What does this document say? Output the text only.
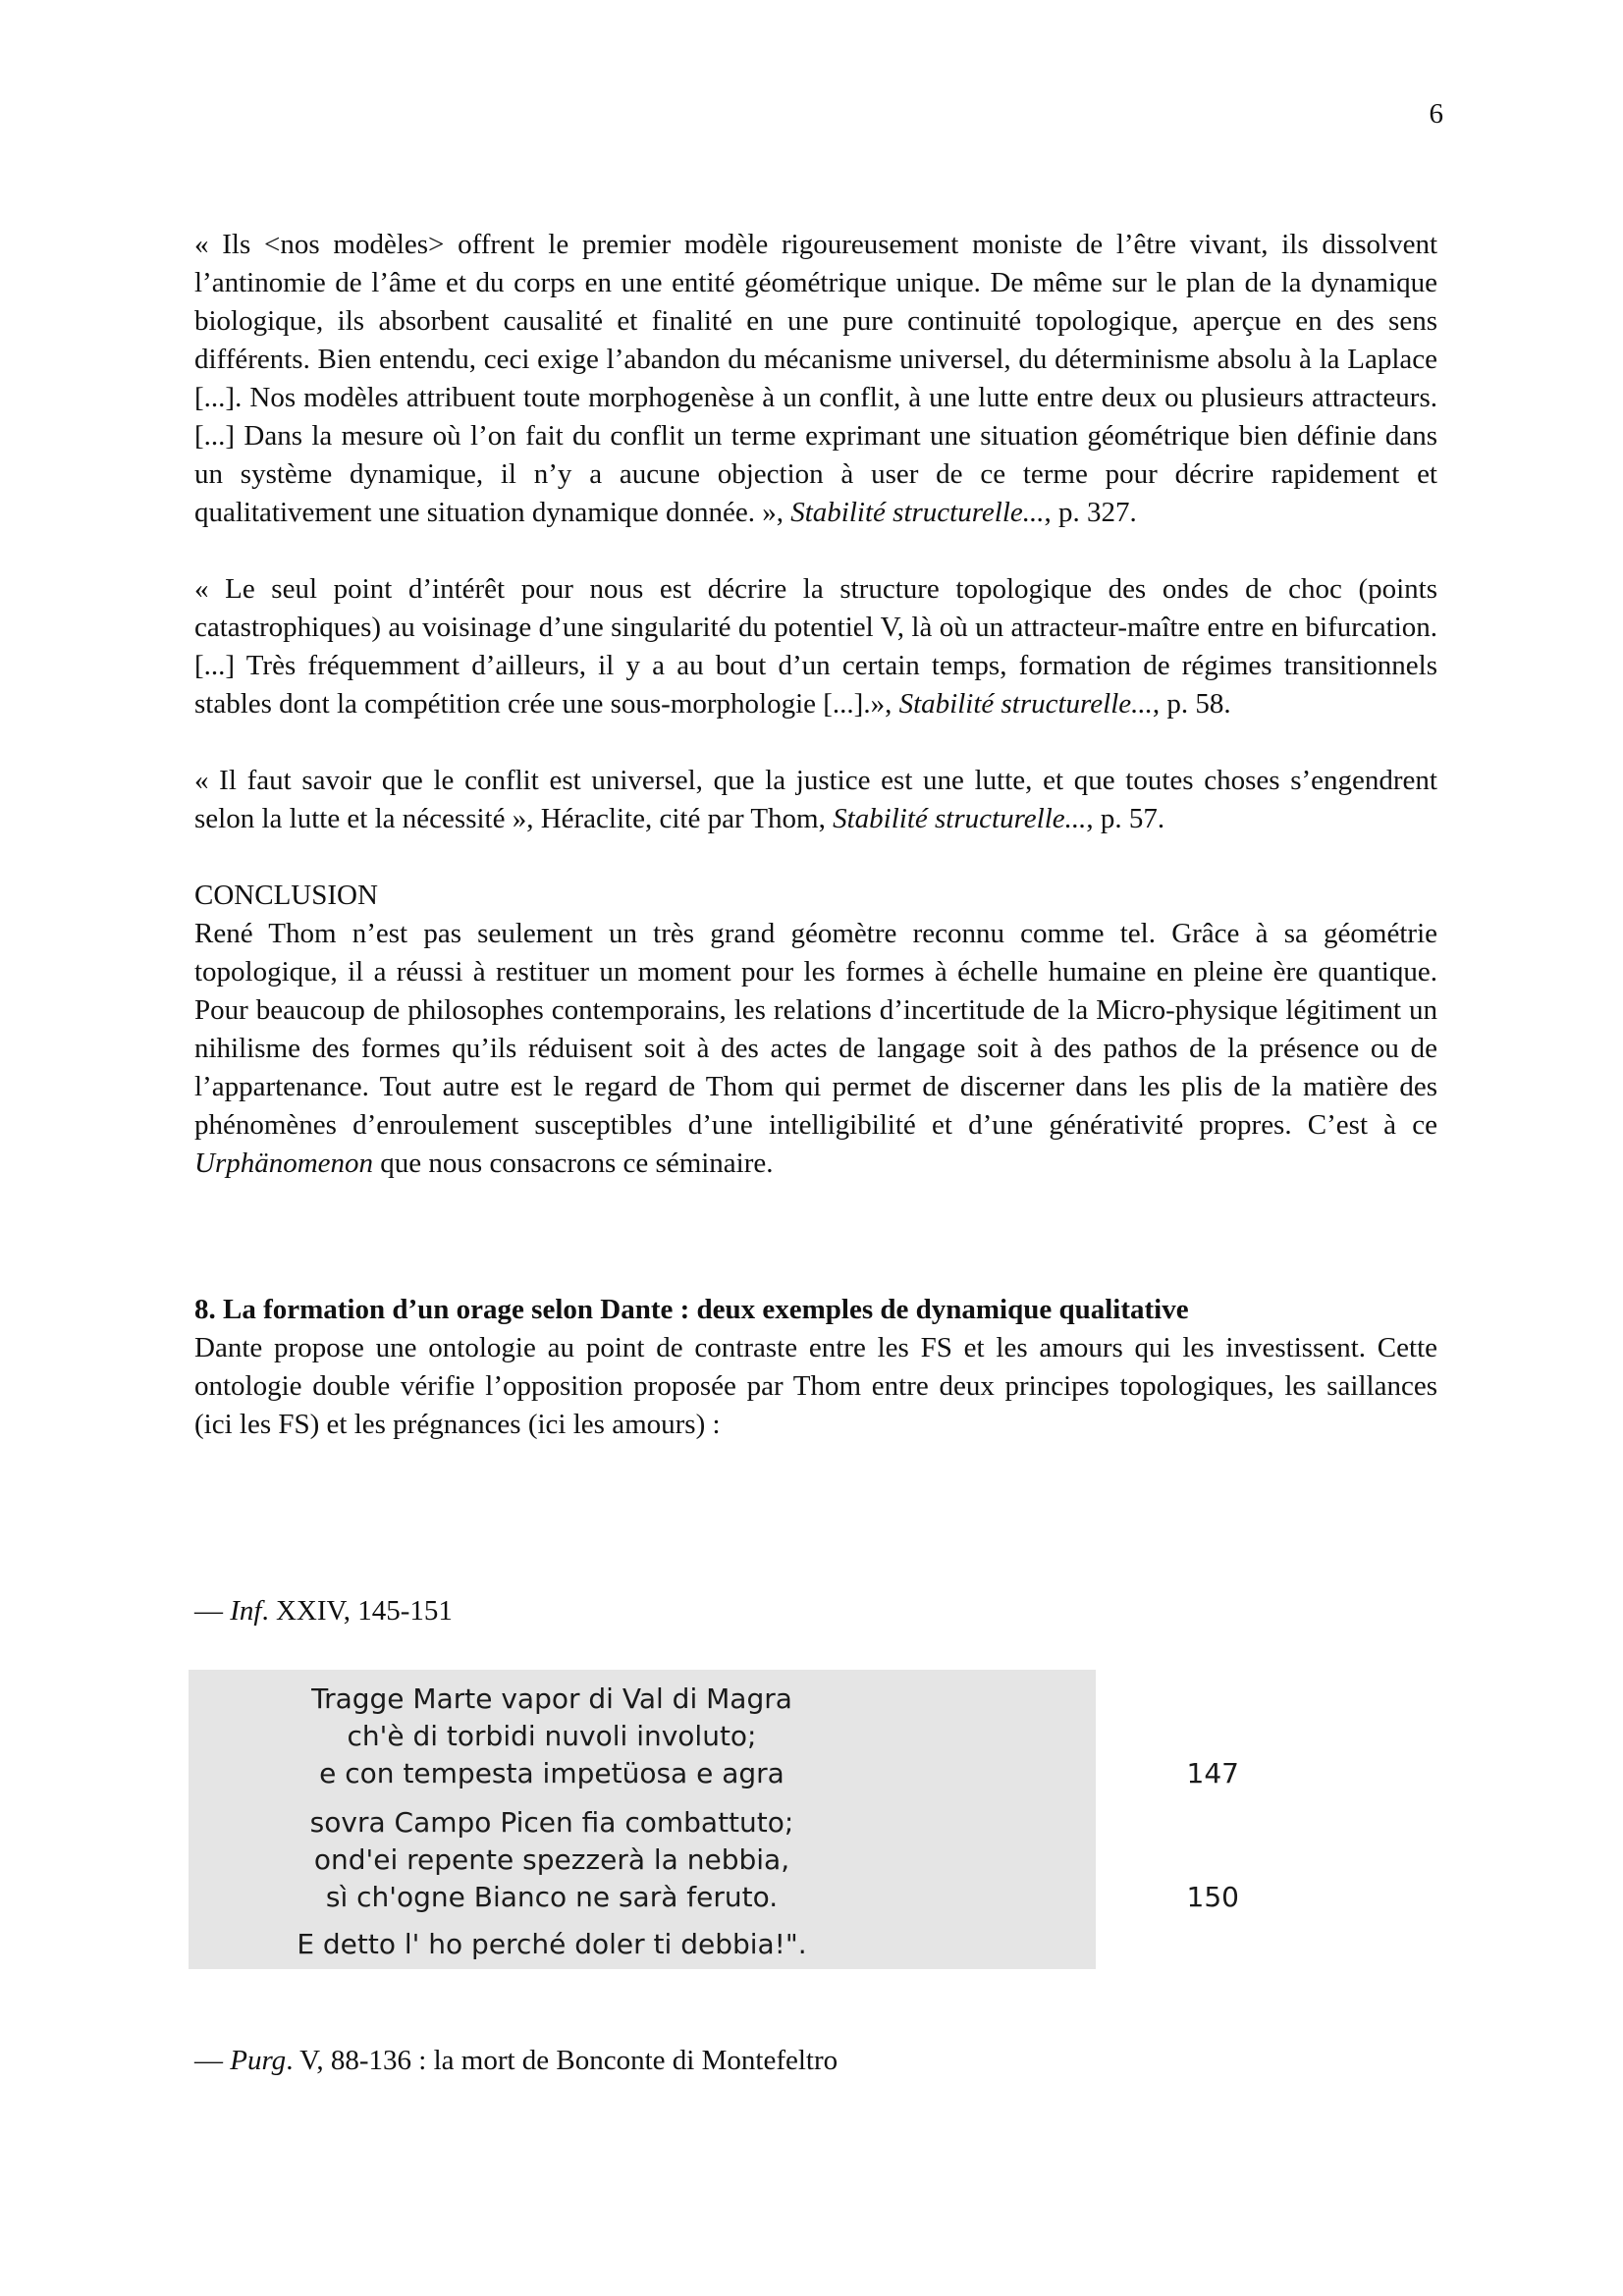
6

« Ils <nos modèles> offrent le premier modèle rigoureusement moniste de l’être vivant, ils dissolvent l’antinomie de l’âme et du corps en une entité géométrique unique. De même sur le plan de la dynamique biologique, ils absorbent causalité et finalité en une pure continuité topologique, aperçue en des sens différents. Bien entendu, ceci exige l’abandon du mécanisme universel, du déterminisme absolu à la Laplace [...]. Nos modèles attribuent toute morphogenèse à un conflit, à une lutte entre deux ou plusieurs attracteurs. [...] Dans la mesure où l’on fait du conflit un terme exprimant une situation géométrique bien définie dans un système dynamique, il n’y a aucune objection à user de ce terme pour décrire rapidement et qualitativement une situation dynamique donnée. », Stabilité structurelle..., p. 327.

« Le seul point d’intérêt pour nous est décrire la structure topologique des ondes de choc (points catastrophiques) au voisinage d’une singularité du potentiel V, là où un attracteur-maître entre en bifurcation. [...] Très fréquemment d’ailleurs, il y a au bout d’un certain temps, formation de régimes transitionnels stables dont la compétition crée une sous-morphologie [...].», Stabilité structurelle..., p. 58.

« Il faut savoir que le conflit est universel, que la justice est une lutte, et que toutes choses s’engendrent selon la lutte et la nécessité », Héraclite, cité par Thom, Stabilité structurelle..., p. 57.

CONCLUSION

René Thom n’est pas seulement un très grand géomètre reconnu comme tel. Grâce à sa géométrie topologique, il a réussi à restituer un moment pour les formes à échelle humaine en pleine ère quantique. Pour beaucoup de philosophes contemporains, les relations d’incertitude de la Micro-physique légitiment un nihilisme des formes qu’ils réduisent soit à des actes de langage soit à des pathos de la présence ou de l’appartenance. Tout autre est le regard de Thom qui permet de discerner dans les plis de la matière des phénomènes d’enroulement susceptibles d’une intelligibilité et d’une générativité propres. C’est à ce Urphänomenon que nous consacrons ce séminaire.

8. La formation d’un orage selon Dante : deux exemples de dynamique qualitative

Dante propose une ontologie au point de contraste entre les FS et les amours qui les investissent. Cette ontologie double vérifie l’opposition proposée par Thom entre deux principes topologiques, les saillances (ici les FS) et les prégnances (ici les amours) :

— Inf. XXIV, 145-151
Tragge Marte vapor di Val di Magra
ch'è di torbidi nuvoli involuto;
e con tempesta impetüosa e agra	147
sovra Campo Picen fia combattuto;
ond'ei repente spezzerà la nebbia,
sì ch'ogne Bianco ne sarà feruto.	150
E detto l' ho perché doler ti debbia!".
— Purg. V, 88-136 : la mort de Bonconte di Montefeltro
